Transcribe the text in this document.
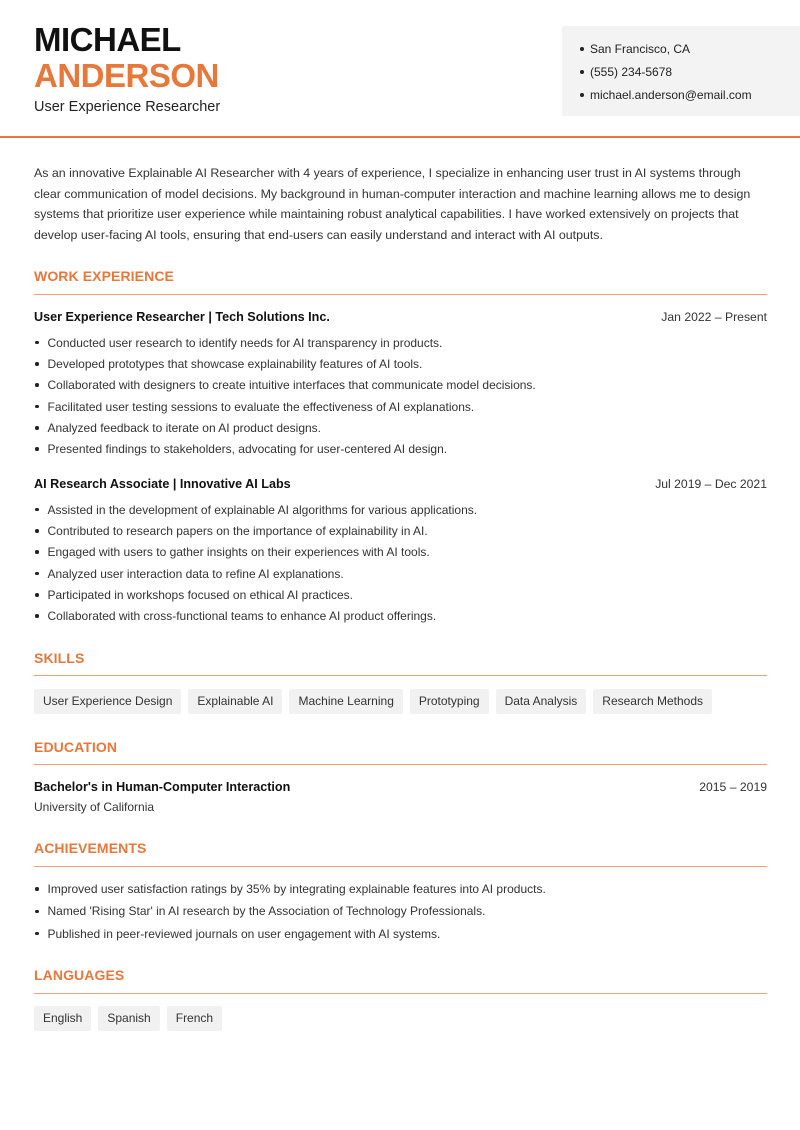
MICHAEL
ANDERSON
User Experience Researcher
San Francisco, CA
(555) 234-5678
michael.anderson@email.com

As an innovative Explainable AI Researcher with 4 years of experience, I specialize in enhancing user trust in AI systems through clear communication of model decisions. My background in human-computer interaction and machine learning allows me to design systems that prioritize user experience while maintaining robust analytical capabilities. I have worked extensively on projects that develop user-facing AI tools, ensuring that end-users can easily understand and interact with AI outputs.

WORK EXPERIENCE
User Experience Researcher | Tech Solutions Inc.	Jan 2022 – Present
Conducted user research to identify needs for AI transparency in products.
Developed prototypes that showcase explainability features of AI tools.
Collaborated with designers to create intuitive interfaces that communicate model decisions.
Facilitated user testing sessions to evaluate the effectiveness of AI explanations.
Analyzed feedback to iterate on AI product designs.
Presented findings to stakeholders, advocating for user-centered AI design.
AI Research Associate | Innovative AI Labs	Jul 2019 – Dec 2021
Assisted in the development of explainable AI algorithms for various applications.
Contributed to research papers on the importance of explainability in AI.
Engaged with users to gather insights on their experiences with AI tools.
Analyzed user interaction data to refine AI explanations.
Participated in workshops focused on ethical AI practices.
Collaborated with cross-functional teams to enhance AI product offerings.
SKILLS
User Experience Design	Explainable AI	Machine Learning	Prototyping	Data Analysis	Research Methods
EDUCATION
Bachelor's in Human-Computer Interaction	2015 – 2019
University of California
ACHIEVEMENTS
Improved user satisfaction ratings by 35% by integrating explainable features into AI products.
Named 'Rising Star' in AI research by the Association of Technology Professionals.
Published in peer-reviewed journals on user engagement with AI systems.
LANGUAGES
English	Spanish	French
